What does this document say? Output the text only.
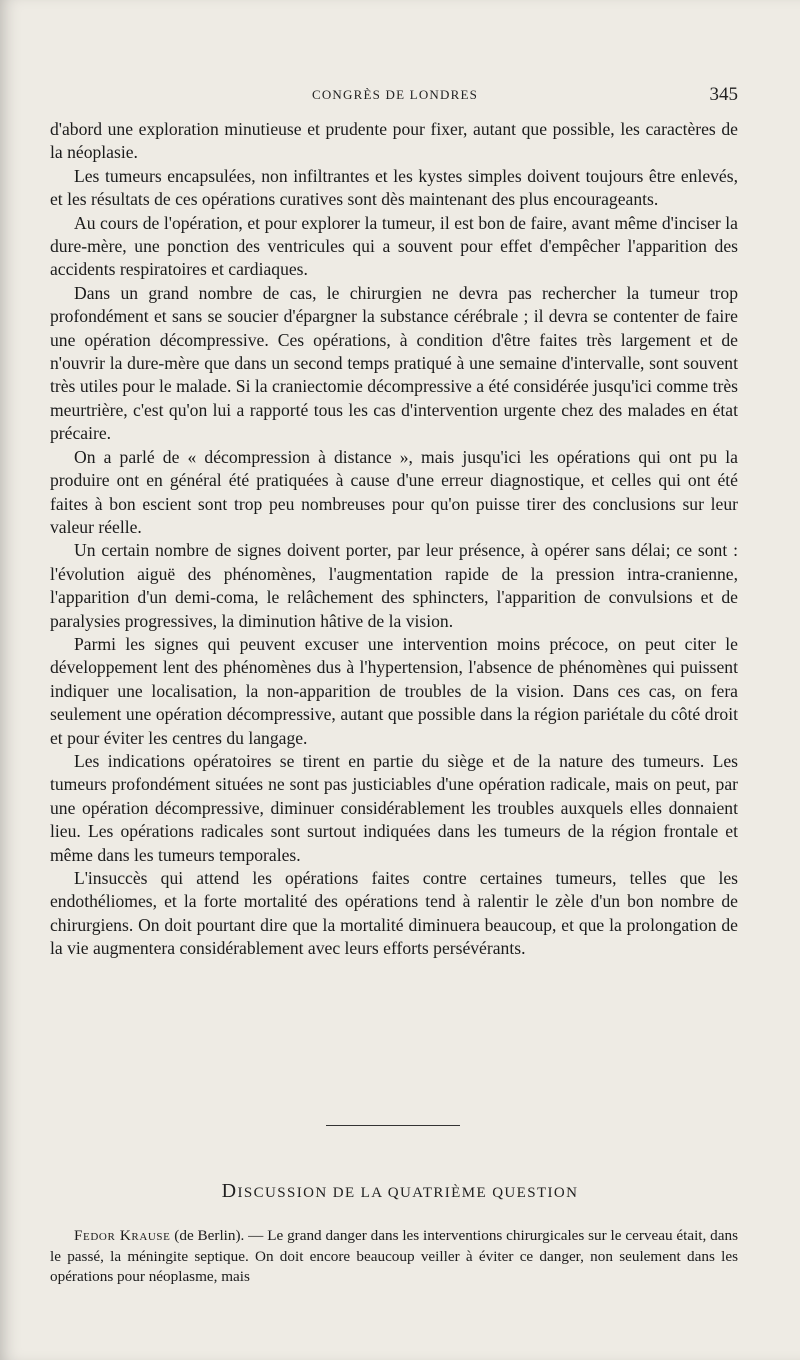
CONGRÈS DE LONDRES	345

d'abord une exploration minutieuse et prudente pour fixer, autant que possible, les caractères de la néoplasie.

Les tumeurs encapsulées, non infiltrantes et les kystes simples doivent toujours être enlevés, et les résultats de ces opérations curatives sont dès maintenant des plus encourageants.

Au cours de l'opération, et pour explorer la tumeur, il est bon de faire, avant même d'inciser la dure-mère, une ponction des ventricules qui a souvent pour effet d'empêcher l'apparition des accidents respiratoires et cardiaques.

Dans un grand nombre de cas, le chirurgien ne devra pas rechercher la tumeur trop profondément et sans se soucier d'épargner la substance cérébrale ; il devra se contenter de faire une opération décompressive. Ces opérations, à condition d'être faites très largement et de n'ouvrir la dure-mère que dans un second temps pratiqué à une semaine d'intervalle, sont souvent très utiles pour le malade. Si la craniectomie décompressive a été considérée jusqu'ici comme très meurtrière, c'est qu'on lui a rapporté tous les cas d'intervention urgente chez des malades en état précaire.

On a parlé de « décompression à distance », mais jusqu'ici les opérations qui ont pu la produire ont en général été pratiquées à cause d'une erreur diagnostique, et celles qui ont été faites à bon escient sont trop peu nombreuses pour qu'on puisse tirer des conclusions sur leur valeur réelle.

Un certain nombre de signes doivent porter, par leur présence, à opérer sans délai; ce sont : l'évolution aiguë des phénomènes, l'augmentation rapide de la pression intra-cranienne, l'apparition d'un demi-coma, le relâchement des sphincters, l'apparition de convulsions et de paralysies progressives, la diminution hâtive de la vision.

Parmi les signes qui peuvent excuser une intervention moins précoce, on peut citer le développement lent des phénomènes dus à l'hypertension, l'absence de phénomènes qui puissent indiquer une localisation, la non-apparition de troubles de la vision. Dans ces cas, on fera seulement une opération décompressive, autant que possible dans la région pariétale du côté droit et pour éviter les centres du langage.

Les indications opératoires se tirent en partie du siège et de la nature des tumeurs. Les tumeurs profondément situées ne sont pas justiciables d'une opération radicale, mais on peut, par une opération décompressive, diminuer considérablement les troubles auxquels elles donnaient lieu. Les opérations radicales sont surtout indiquées dans les tumeurs de la région frontale et même dans les tumeurs temporales.

L'insuccès qui attend les opérations faites contre certaines tumeurs, telles que les endothéliomes, et la forte mortalité des opérations tend à ralentir le zèle d'un bon nombre de chirurgiens. On doit pourtant dire que la mortalité diminuera beaucoup, et que la prolongation de la vie augmentera considérablement avec leurs efforts persévérants.

DISCUSSION DE LA QUATRIÈME QUESTION

Fedor Krause (de Berlin). — Le grand danger dans les interventions chirurgicales sur le cerveau était, dans le passé, la méningite septique. On doit encore beaucoup veiller à éviter ce danger, non seulement dans les opérations pour néoplasme, mais
